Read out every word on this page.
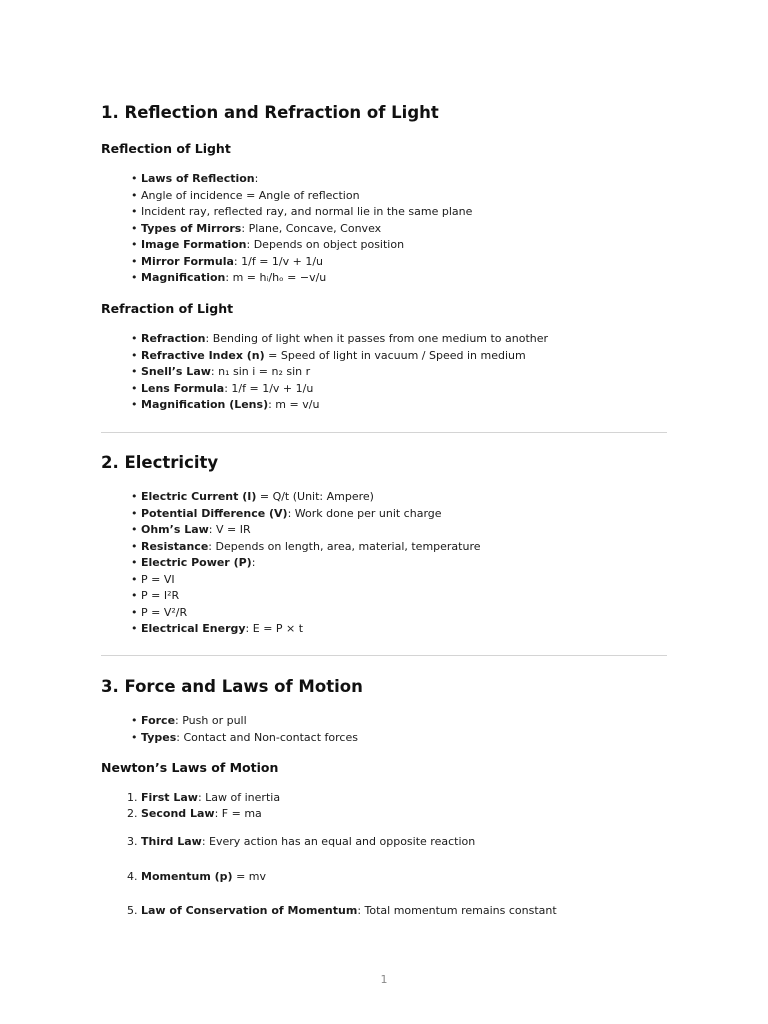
1. Reflection and Refraction of Light
Reflection of Light
• Laws of Reflection:
• Angle of incidence = Angle of reflection
• Incident ray, reflected ray, and normal lie in the same plane
• Types of Mirrors: Plane, Concave, Convex
• Image Formation: Depends on object position
• Mirror Formula: 1/f = 1/v + 1/u
• Magnification: m = hᵢ/hₒ = −v/u
Refraction of Light
• Refraction: Bending of light when it passes from one medium to another
• Refractive Index (n) = Speed of light in vacuum / Speed in medium
• Snell’s Law: n₁ sin i = n₂ sin r
• Lens Formula: 1/f = 1/v + 1/u
• Magnification (Lens): m = v/u
2. Electricity
• Electric Current (I) = Q/t (Unit: Ampere)
• Potential Difference (V): Work done per unit charge
• Ohm’s Law: V = IR
• Resistance: Depends on length, area, material, temperature
• Electric Power (P):
• P = VI
• P = I²R
• P = V²/R
• Electrical Energy: E = P × t
3. Force and Laws of Motion
• Force: Push or pull
• Types: Contact and Non-contact forces
Newton’s Laws of Motion
1. First Law: Law of inertia
2. Second Law: F = ma
3. Third Law: Every action has an equal and opposite reaction
4. Momentum (p) = mv
5. Law of Conservation of Momentum: Total momentum remains constant
1
